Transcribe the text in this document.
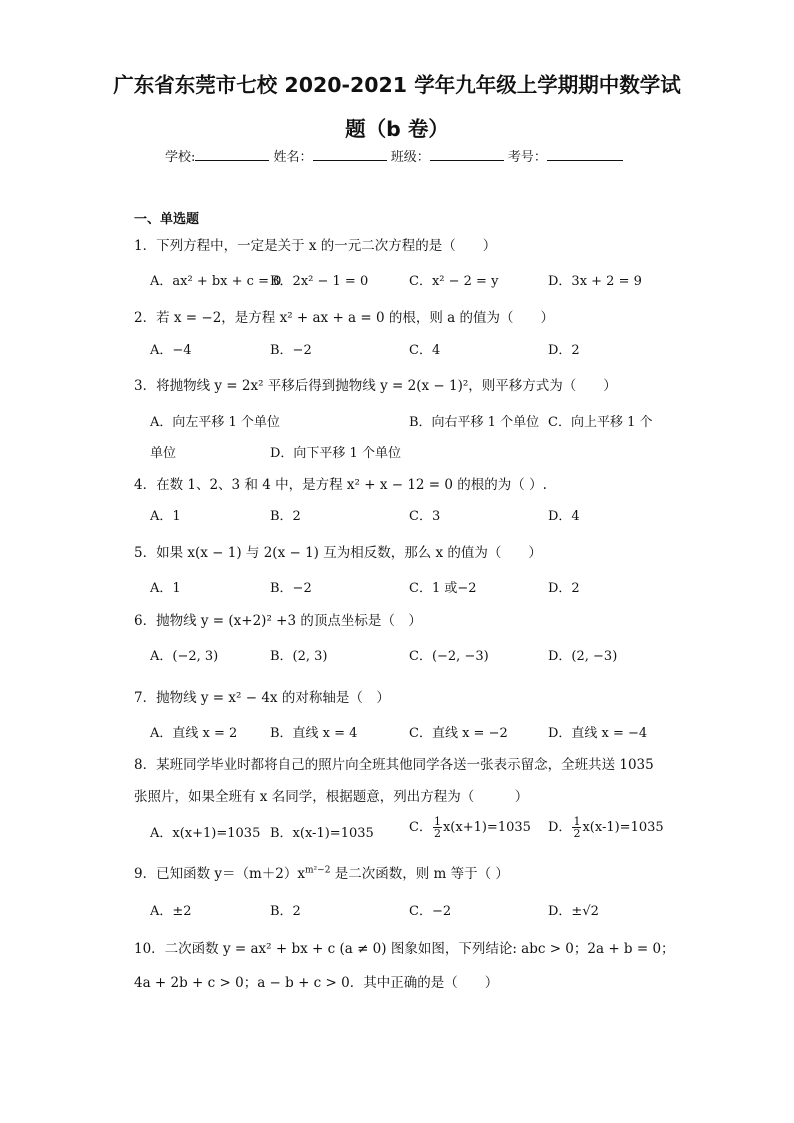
广东省东莞市七校 2020-2021 学年九年级上学期期中数学试
题（b 卷）
学校:	姓名：	班级：	考号：
一、单选题
1．下列方程中，一定是关于 x 的一元二次方程的是（　　）
A．ax² + bx + c = 0
B．2x² − 1 = 0	C．x² − 2 = y	D．3x + 2 = 9
2．若 x = −2，是方程 x² + ax + a = 0 的根，则 a 的值为（　　）
A．−4	B．−2	C．4	D．2
3．将抛物线 y = 2x² 平移后得到抛物线 y = 2(x − 1)²，则平移方式为（　　）
A．向左平移 1 个单位	B．向右平移 1 个单位 C．向上平移 1 个
单位	D．向下平移 1 个单位
4．在数 1、2、3 和 4 中，是方程 x² + x − 12 = 0 的根的为（ ）.
A．1	B．2	C．3	D．4
5．如果 x(x − 1) 与 2(x − 1) 互为相反数，那么 x 的值为（　　）
A．1	B．−2	C．1 或−2	D．2
6．抛物线 y = (x+2)² +3 的顶点坐标是（　）
A．(−2, 3)	B．(2, 3)	C．(−2, −3)	D．(2, −3)
7．抛物线 y = x² − 4x 的对称轴是（　）
A．直线 x = 2	B．直线 x = 4	C．直线 x = −2	D．直线 x = −4
8．某班同学毕业时都将自己的照片向全班其他同学各送一张表示留念，全班共送 1035
张照片，如果全班有 x 名同学，根据题意，列出方程为（　　　）
A．x(x+1)=1035 B．x(x-1)=1035	C． $\frac{1}{2} x(x+1)=1035$ D． $\frac{1}{2} x(x-1)=1035$
9．已知函数 $y=(m+2)x^{m^2-2}$ 是二次函数，则 m 等于（ ）
A．±2	B．2	C．−2	D．±√2
10．二次函数 y = ax² + bx + c (a ≠ 0) 图象如图，下列结论: abc > 0；2a + b = 0；
4a + 2b + c > 0；a − b + c > 0．其中正确的是（　　）
